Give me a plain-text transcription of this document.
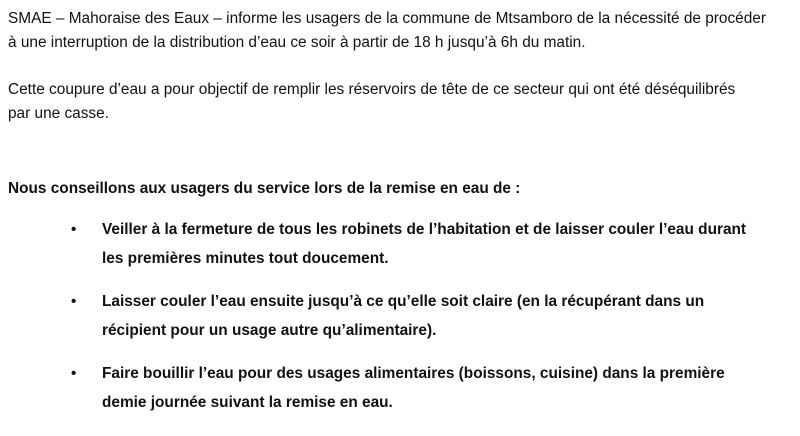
SMAE – Mahoraise des Eaux – informe les usagers de la commune de Mtsamboro de la nécessité de procéder
à une interruption de la distribution d’eau ce soir à partir de 18 h jusqu’à 6h du matin.

Cette coupure d’eau a pour objectif de remplir les réservoirs de tête de ce secteur qui ont été déséquilibrés
par une casse.

Nous conseillons aux usagers du service lors de la remise en eau de :

• Veiller à la fermeture de tous les robinets de l’habitation et de laisser couler l’eau durant
les premières minutes tout doucement.
• Laisser couler l’eau ensuite jusqu’à ce qu’elle soit claire (en la récupérant dans un
récipient pour un usage autre qu’alimentaire).
• Faire bouillir l’eau pour des usages alimentaires (boissons, cuisine) dans la première
demie journée suivant la remise en eau.
